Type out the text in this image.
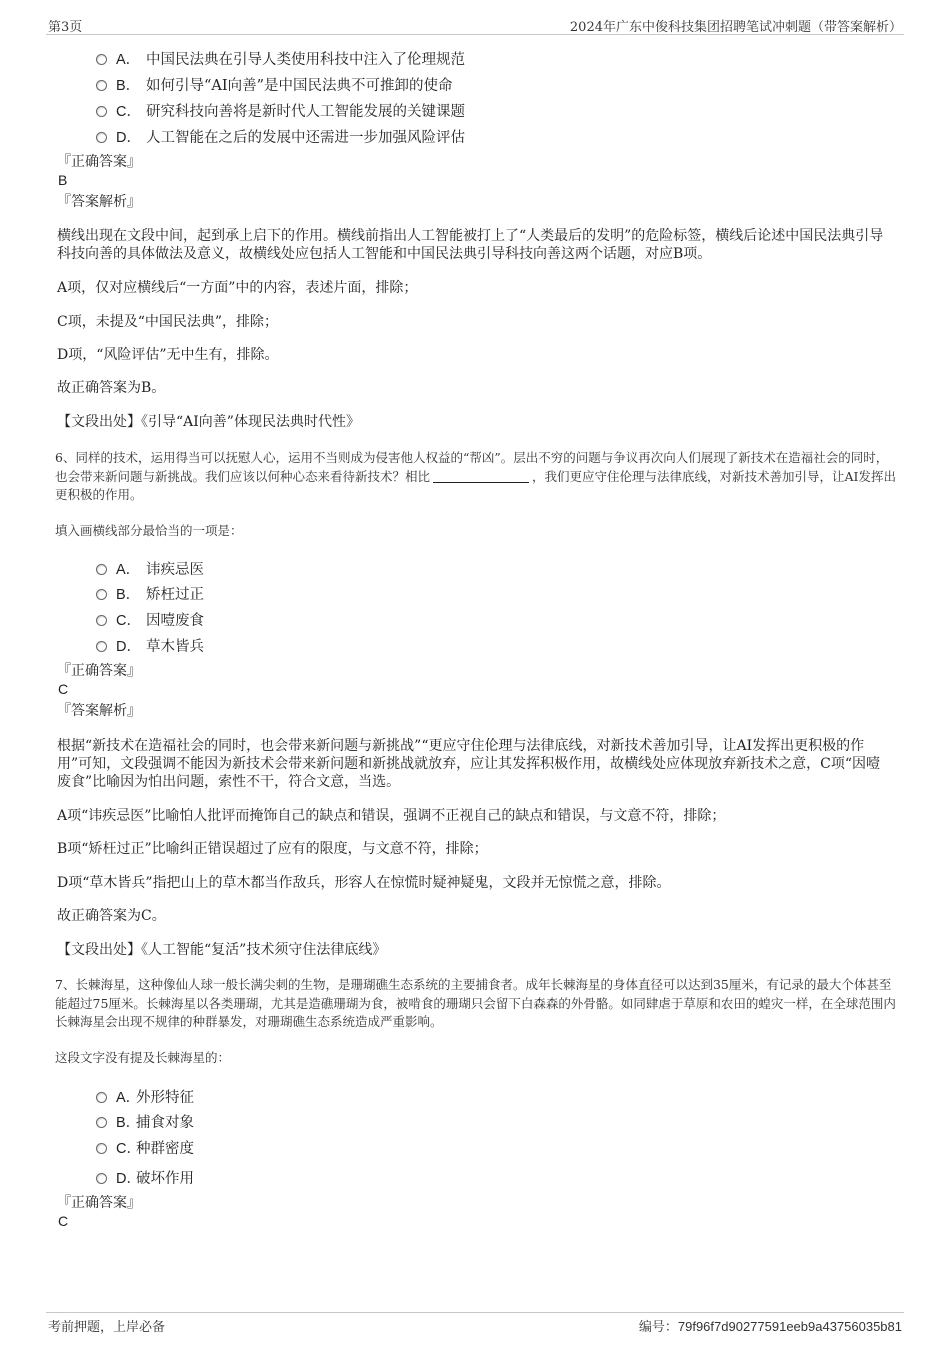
第3页	2024年广东中俊科技集团招聘笔试冲刺题（带答案解析）
A． 中国民法典在引导人类使用科技中注入了伦理规范
B． 如何引导“AI向善”是中国民法典不可推卸的使命
C． 研究科技向善将是新时代人工智能发展的关键课题
D． 人工智能在之后的发展中还需进一步加强风险评估
『正确答案』
B
『答案解析』
横线出现在文段中间，起到承上启下的作用。横线前指出人工智能被打上了“人类最后的发明”的危险标签，横线后论述中国民法典引导科技向善的具体做法及意义，故横线处应包括人工智能和中国民法典引导科技向善这两个话题，对应B项。
A项，仅对应横线后“一方面”中的内容，表述片面，排除；
C项，未提及“中国民法典”，排除；
D项，“风险评估”无中生有，排除。
故正确答案为B。
【文段出处】《引导“AI向善”体现民法典时代性》
6、同样的技术，运用得当可以抚慰人心，运用不当则成为侵害他人权益的“帮凶”。层出不穷的问题与争议再次向人们展现了新技术在造福社会的同时，也会带来新问题与新挑战。我们应该以何种心态来看待新技术？相比	，我们更应守住伦理与法律底线，对新技术善加引导，让AI发挥出更积极的作用。
填入画横线部分最恰当的一项是：
A． 讳疾忌医
B． 矫枉过正
C． 因噎废食
D． 草木皆兵
『正确答案』
C
『答案解析』
根据“新技术在造福社会的同时，也会带来新问题与新挑战”“更应守住伦理与法律底线，对新技术善加引导，让AI发挥出更积极的作用”可知，文段强调不能因为新技术会带来新问题和新挑战就放弃，应让其发挥积极作用，故横线处应体现放弃新技术之意，C项“因噎废食”比喻因为怕出问题，索性不干，符合文意，当选。
A项“讳疾忌医”比喻怕人批评而掩饰自己的缺点和错误，强调不正视自己的缺点和错误，与文意不符，排除；
B项“矫枉过正”比喻纠正错误超过了应有的限度，与文意不符，排除；
D项“草木皆兵”指把山上的草木都当作敌兵，形容人在惊慌时疑神疑鬼，文段并无惊慌之意，排除。
故正确答案为C。
【文段出处】《人工智能“复活”技术须守住法律底线》
7、长棘海星，这种像仙人球一般长满尖刺的生物，是珊瑚礁生态系统的主要捕食者。成年长棘海星的身体直径可以达到35厘米，有记录的最大个体甚至能超过75厘米。长棘海星以各类珊瑚，尤其是造礁珊瑚为食，被啃食的珊瑚只会留下白森森的外骨骼。如同肆虐于草原和农田的蝗灾一样，在全球范围内长棘海星会出现不规律的种群暴发，对珊瑚礁生态系统造成严重影响。
这段文字没有提及长棘海星的：
A．外形特征
B．捕食对象
C．种群密度
D．破坏作用
『正确答案』
C
考前押题，上岸必备	编号：79f96f7d90277591eeb9a43756035b81
